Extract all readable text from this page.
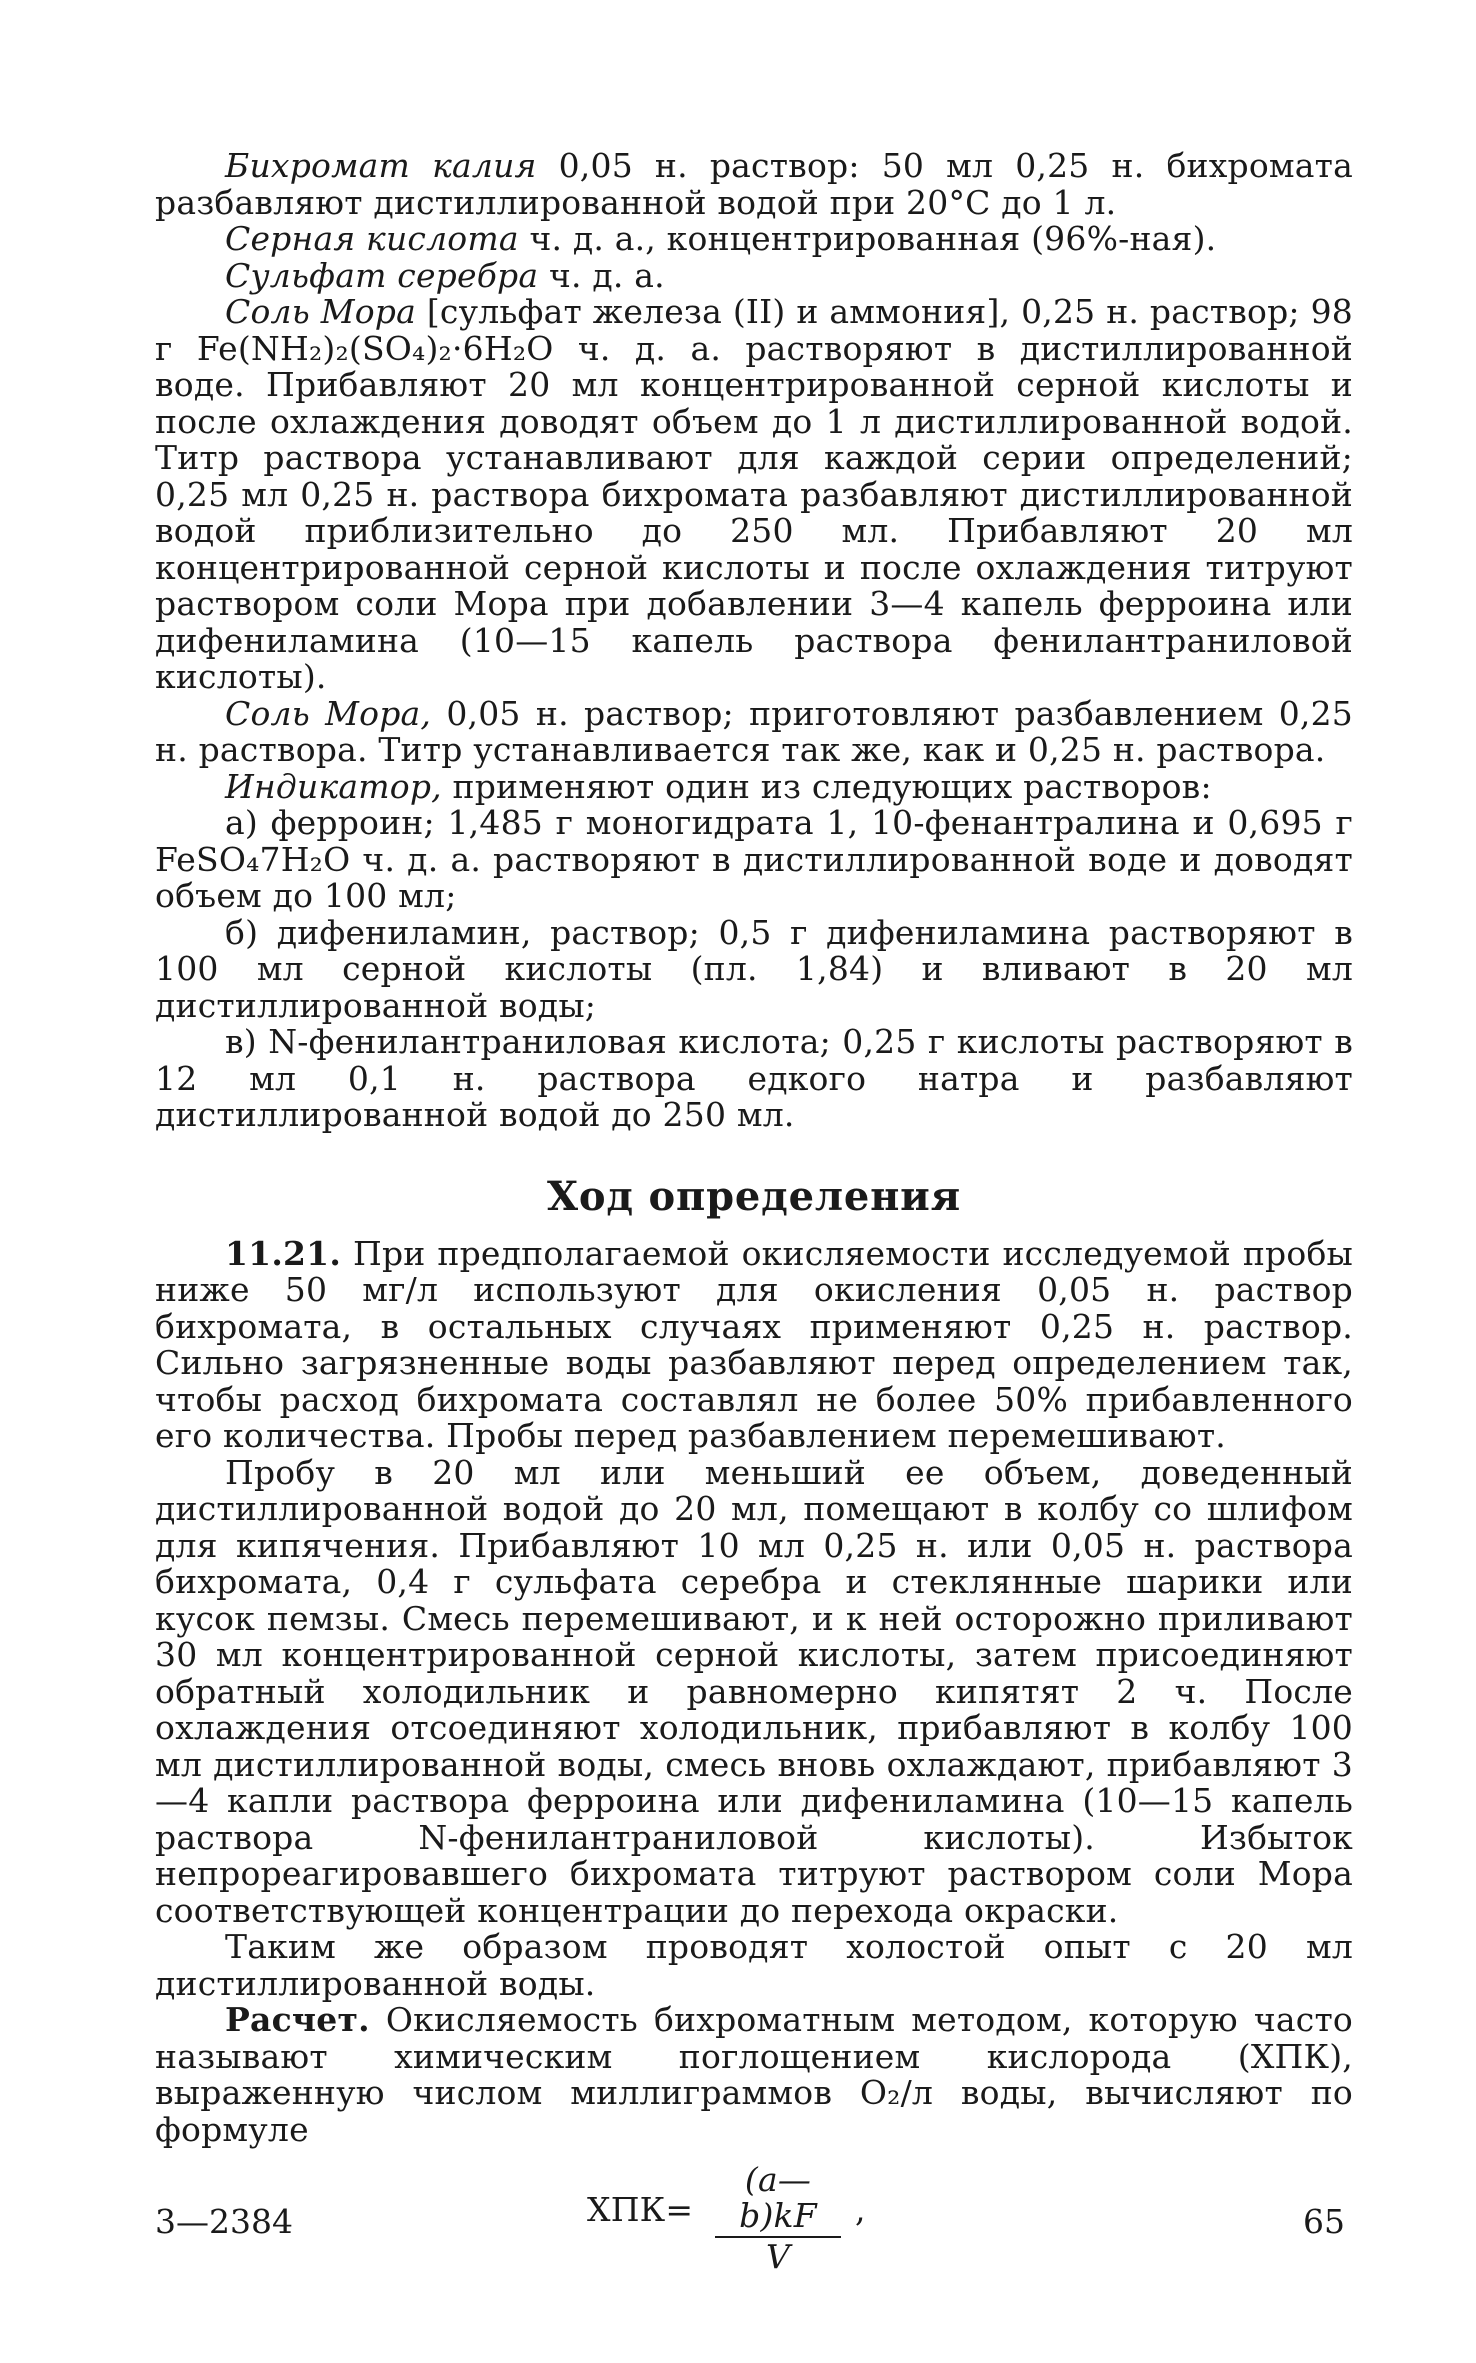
Бихромат калия 0,05 н. раствор: 50 мл 0,25 н. бихромата разбавляют дистиллированной водой при 20°С до 1 л.

Серная кислота ч. д. а., концентрированная (96%-ная).

Сульфат серебра ч. д. а.

Соль Мора [сульфат железа (II) и аммония], 0,25 н. раствор; 98 г Fe(NH₂)₂(SO₄)₂·6H₂O ч. д. а. растворяют в дистиллированной воде. Прибавляют 20 мл концентрированной серной кислоты и после охлаждения доводят объем до 1 л дистиллированной водой. Титр раствора устанавливают для каждой серии определений; 0,25 мл 0,25 н. раствора бихромата разбавляют дистиллированной водой приблизительно до 250 мл. Прибавляют 20 мл концентрированной серной кислоты и после охлаждения титруют раствором соли Мора при добавлении 3—4 капель ферроина или дифениламина (10—15 капель раствора фенилантраниловой кислоты).

Соль Мора, 0,05 н. раствор; приготовляют разбавлением 0,25 н. раствора. Титр устанавливается так же, как и 0,25 н. раствора.

Индикатор, применяют один из следующих растворов:

а) ферроин; 1,485 г моногидрата 1, 10-фенантралина и 0,695 г FeSO₄7H₂O ч. д. а. растворяют в дистиллированной воде и доводят объем до 100 мл;

б) дифениламин, раствор; 0,5 г дифениламина растворяют в 100 мл серной кислоты (пл. 1,84) и вливают в 20 мл дистиллированной воды;

в) N-фенилантраниловая кислота; 0,25 г кислоты растворяют в 12 мл 0,1 н. раствора едкого натра и разбавляют дистиллированной водой до 250 мл.

Ход определения

11.21. При предполагаемой окисляемости исследуемой пробы ниже 50 мг/л используют для окисления 0,05 н. раствор бихромата, в остальных случаях применяют 0,25 н. раствор. Сильно загрязненные воды разбавляют перед определением так, чтобы расход бихромата составлял не более 50% прибавленного его количества. Пробы перед разбавлением перемешивают.

Пробу в 20 мл или меньший ее объем, доведенный дистиллированной водой до 20 мл, помещают в колбу со шлифом для кипячения. Прибавляют 10 мл 0,25 н. или 0,05 н. раствора бихромата, 0,4 г сульфата серебра и стеклянные шарики или кусок пемзы. Смесь перемешивают, и к ней осторожно приливают 30 мл концентрированной серной кислоты, затем присоединяют обратный холодильник и равномерно кипятят 2 ч. После охлаждения отсоединяют холодильник, прибавляют в колбу 100 мл дистиллированной воды, смесь вновь охлаждают, прибавляют 3—4 капли раствора ферроина или дифениламина (10—15 капель раствора N-фенилантраниловой кислоты). Избыток непрореагировавшего бихромата титруют раствором соли Мора соответствующей концентрации до перехода окраски.

Таким же образом проводят холостой опыт с 20 мл дистиллированной воды.

Расчет. Окисляемость бихроматным методом, которую часто называют химическим поглощением кислорода (ХПК), выраженную числом миллиграммов O₂/л воды, вычисляют по формуле

ХПК=
(a—b)kF
V
,
3—2384	65
